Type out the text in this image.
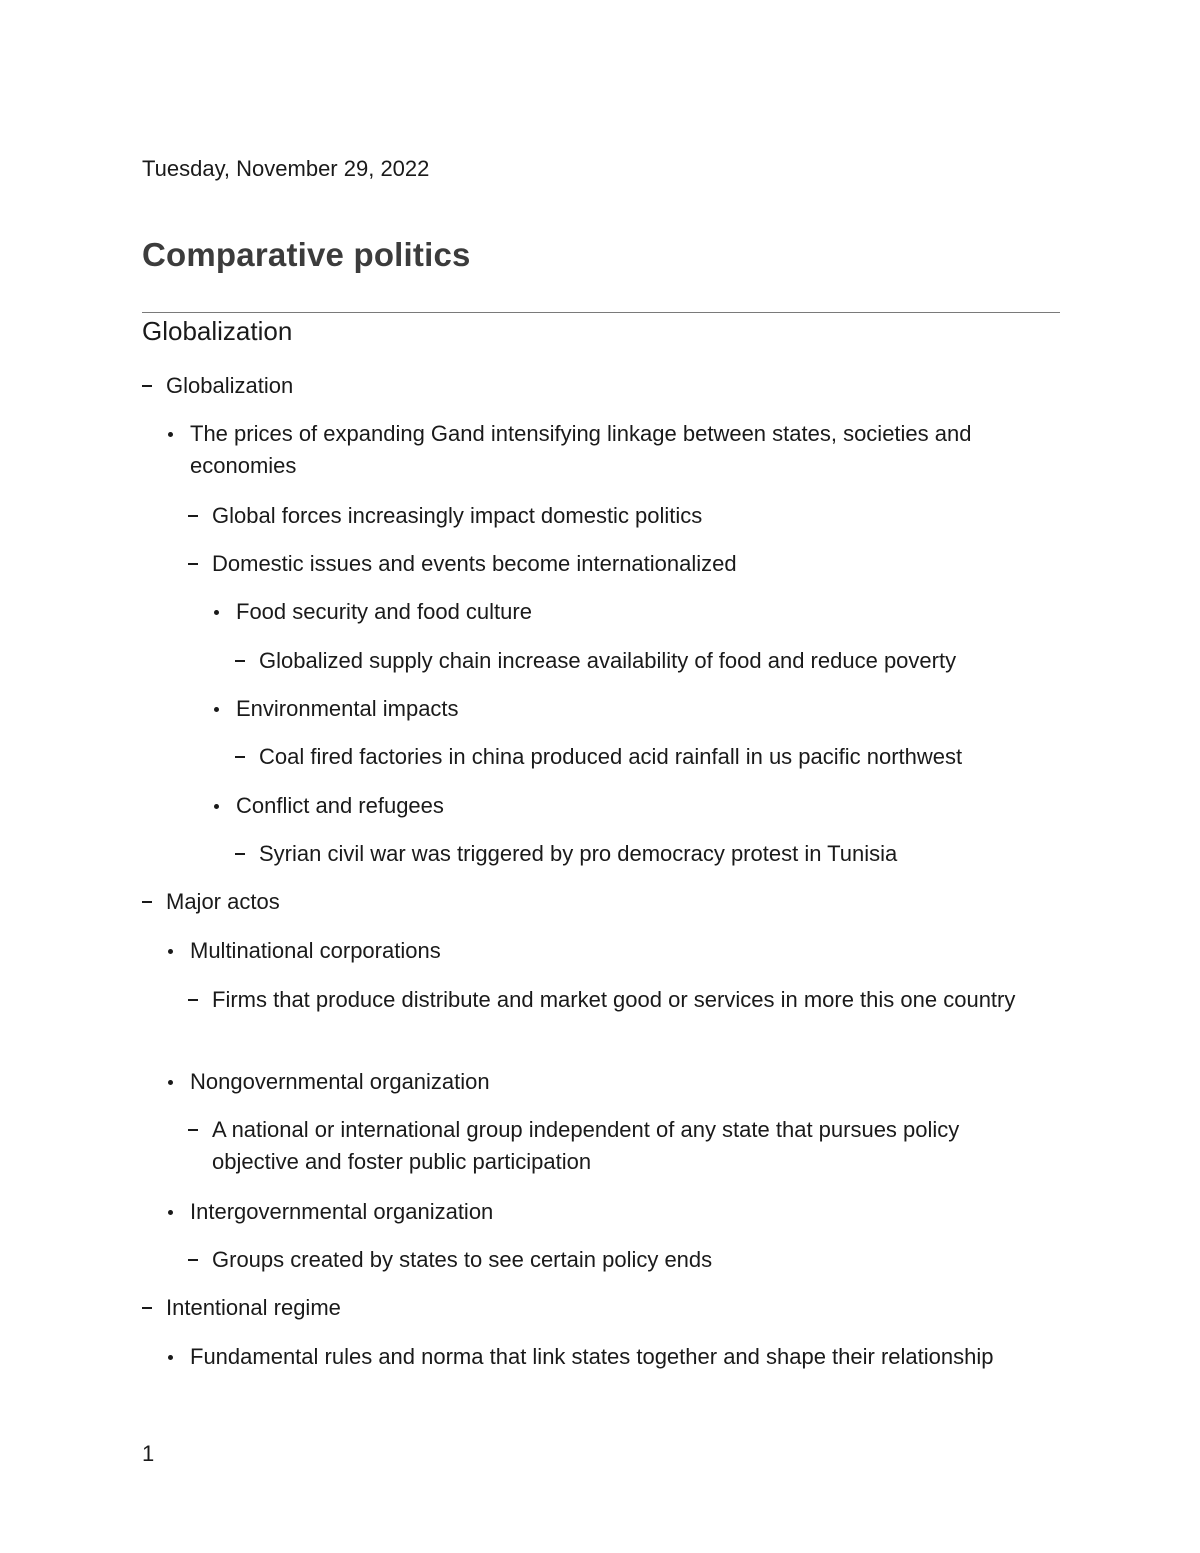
Tuesday, November 29, 2022
Comparative politics
Globalization
Globalization
The prices of expanding Gand intensifying linkage between states, societies and economies
Global forces increasingly impact domestic politics
Domestic issues and events become internationalized
Food security and food culture
Globalized supply chain increase availability of food and reduce poverty
Environmental impacts
Coal fired factories in china produced acid rainfall in us pacific northwest
Conflict and refugees
Syrian civil war was triggered by pro democracy protest in Tunisia
Major actos
Multinational corporations
Firms that produce distribute and market good or services in more this one country
Nongovernmental organization
A national or international group independent of any state that pursues policy objective and foster public participation
Intergovernmental organization
Groups created by states to see certain policy ends
Intentional regime
Fundamental rules and norma that link states together and shape their relationship
1
